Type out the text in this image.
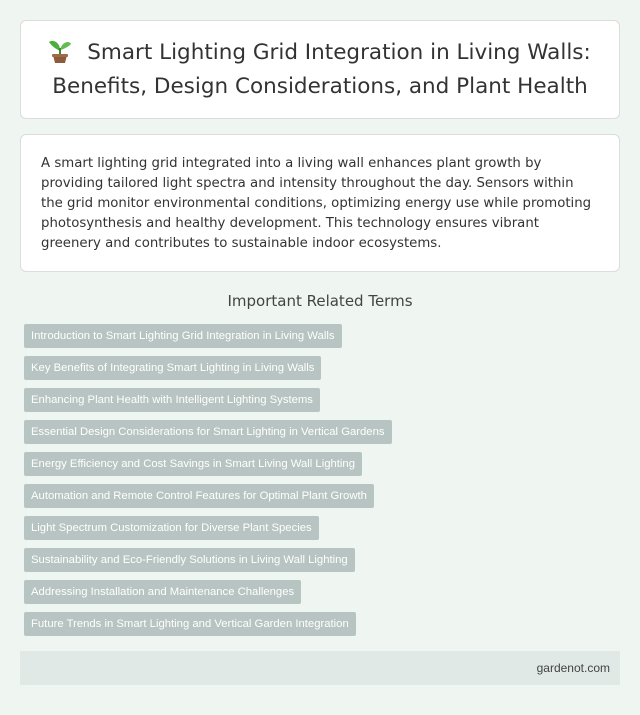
Smart Lighting Grid Integration in Living Walls: Benefits, Design Considerations, and Plant Health

A smart lighting grid integrated into a living wall enhances plant growth by providing tailored light spectra and intensity throughout the day. Sensors within the grid monitor environmental conditions, optimizing energy use while promoting photosynthesis and healthy development. This technology ensures vibrant greenery and contributes to sustainable indoor ecosystems.

Important Related Terms
Introduction to Smart Lighting Grid Integration in Living Walls
Key Benefits of Integrating Smart Lighting in Living Walls
Enhancing Plant Health with Intelligent Lighting Systems
Essential Design Considerations for Smart Lighting in Vertical Gardens
Energy Efficiency and Cost Savings in Smart Living Wall Lighting
Automation and Remote Control Features for Optimal Plant Growth
Light Spectrum Customization for Diverse Plant Species
Sustainability and Eco-Friendly Solutions in Living Wall Lighting
Addressing Installation and Maintenance Challenges
Future Trends in Smart Lighting and Vertical Garden Integration
gardenot.com
